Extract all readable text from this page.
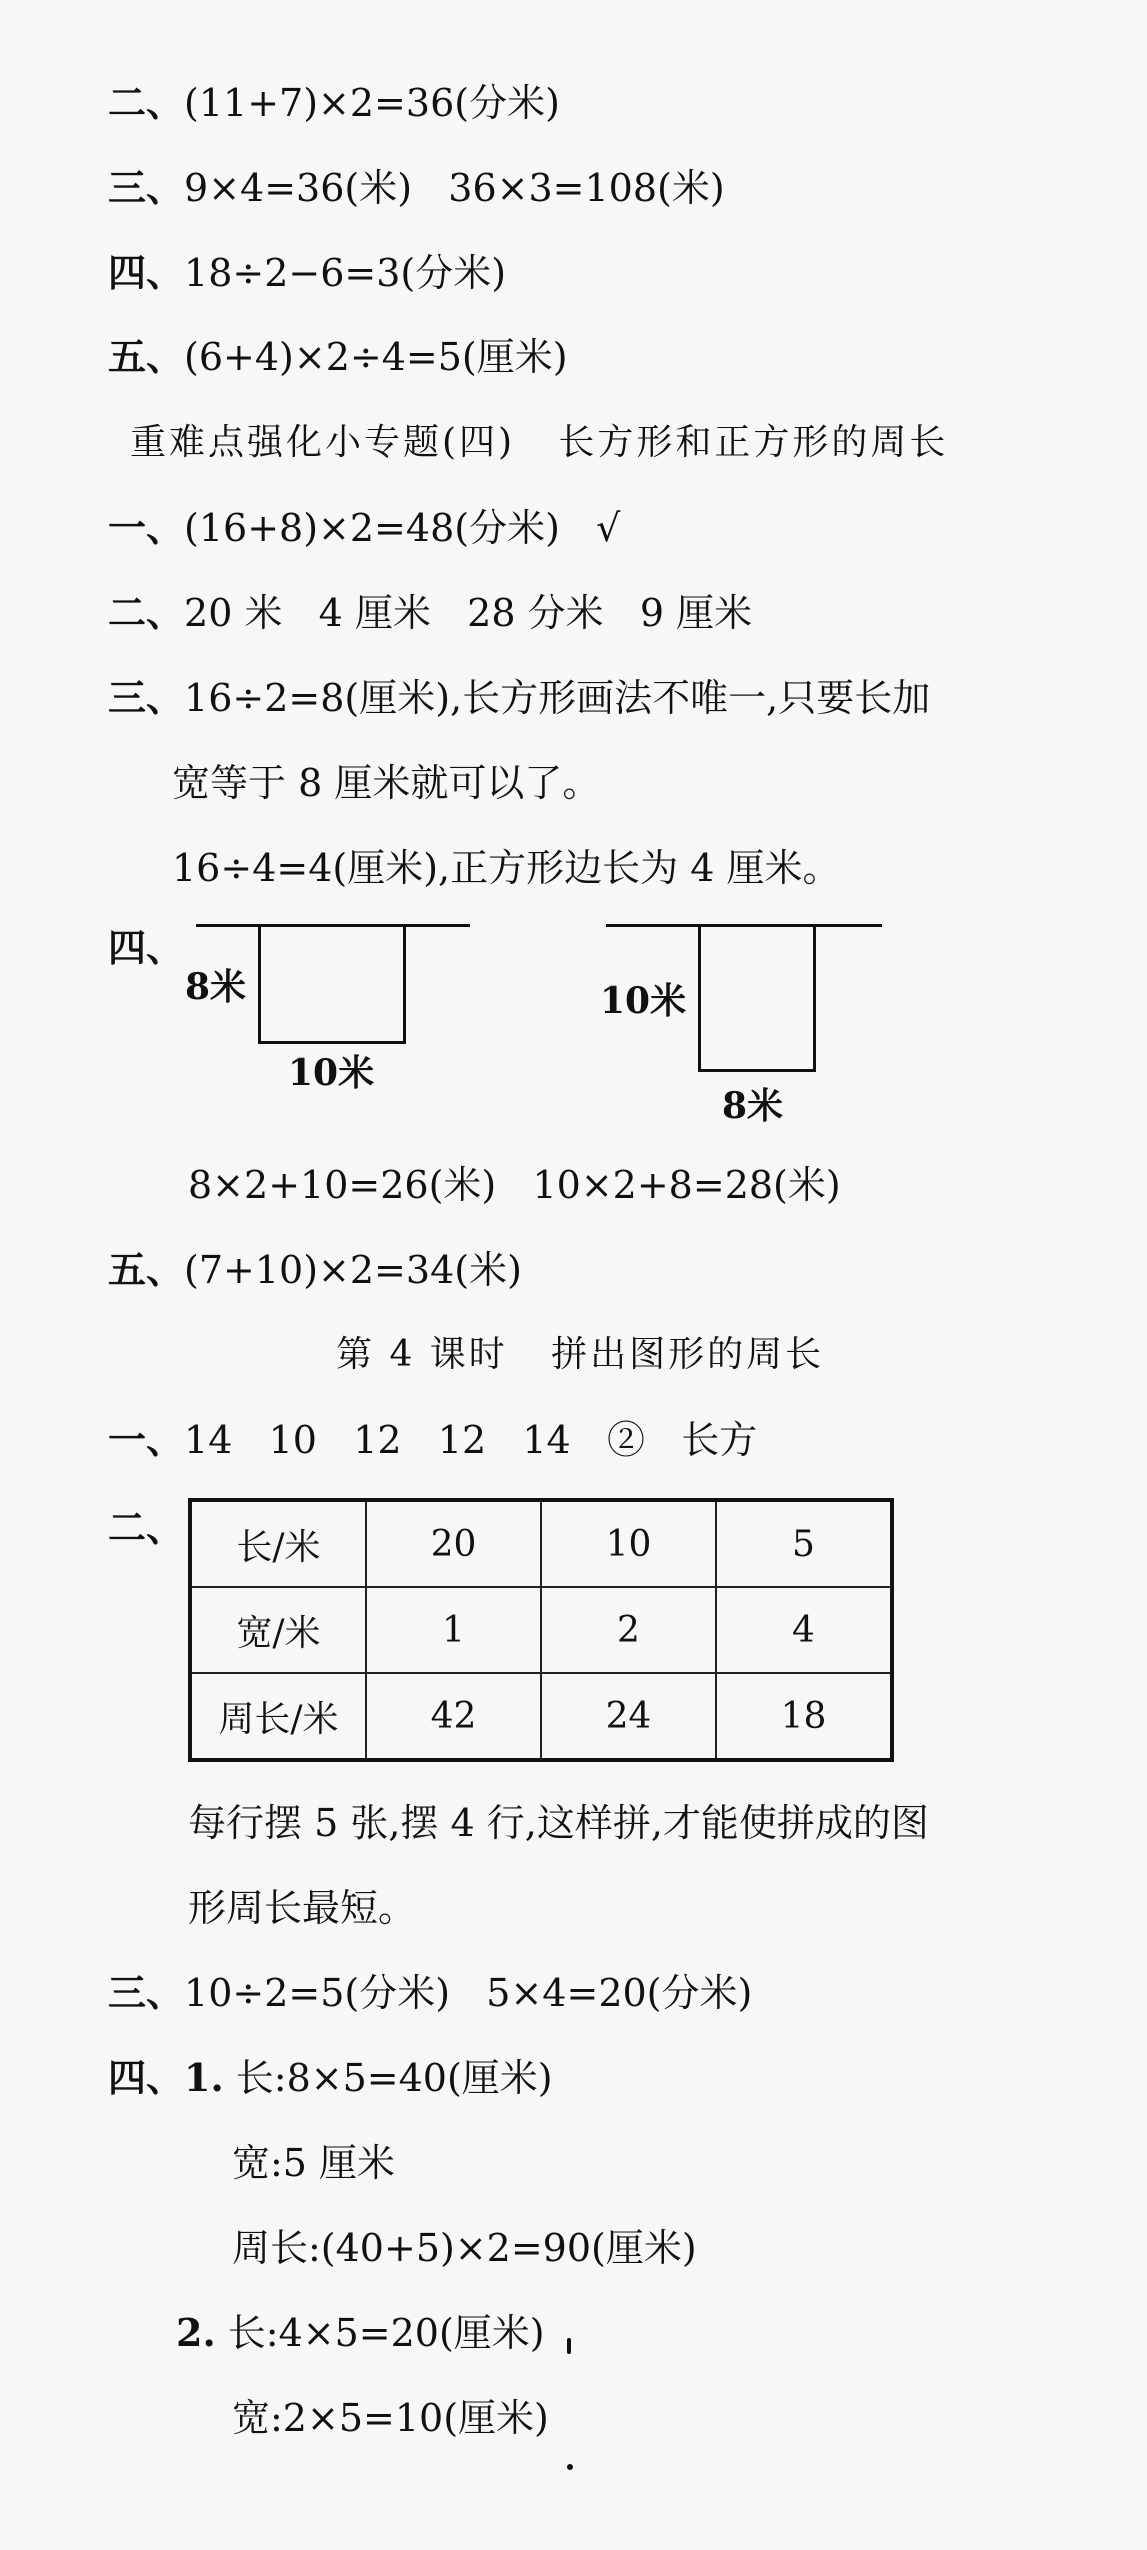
二、(11+7)×2=36(分米)
三、9×4=36(米)   36×3=108(米)
四、18÷2−6=3(分米)
五、(6+4)×2÷4=5(厘米)
重难点强化小专题(四)   长方形和正方形的周长
一、(16+8)×2=48(分米)   √
二、20 米   4 厘米   28 分米   9 厘米
三、16÷2=8(厘米),长方形画法不唯一,只要长加
宽等于 8 厘米就可以了。
16÷4=4(厘米),正方形边长为 4 厘米。
四、
8米
10米
10米
8米
8×2+10=26(米)   10×2+8=28(米)
五、(7+10)×2=34(米)
第 4 课时   拼出图形的周长
一、14   10   12   12   14   ②   长方
二、 长/米	20	10	5
宽/米	1	2	4
周长/米	42	24	18
每行摆 5 张,摆 4 行,这样拼,才能使拼成的图
形周长最短。
三、10÷2=5(分米)   5×4=20(分米)
四、1. 长:8×5=40(厘米)
宽:5 厘米
周长:(40+5)×2=90(厘米)
2. 长:4×5=20(厘米)
宽:2×5=10(厘米)
